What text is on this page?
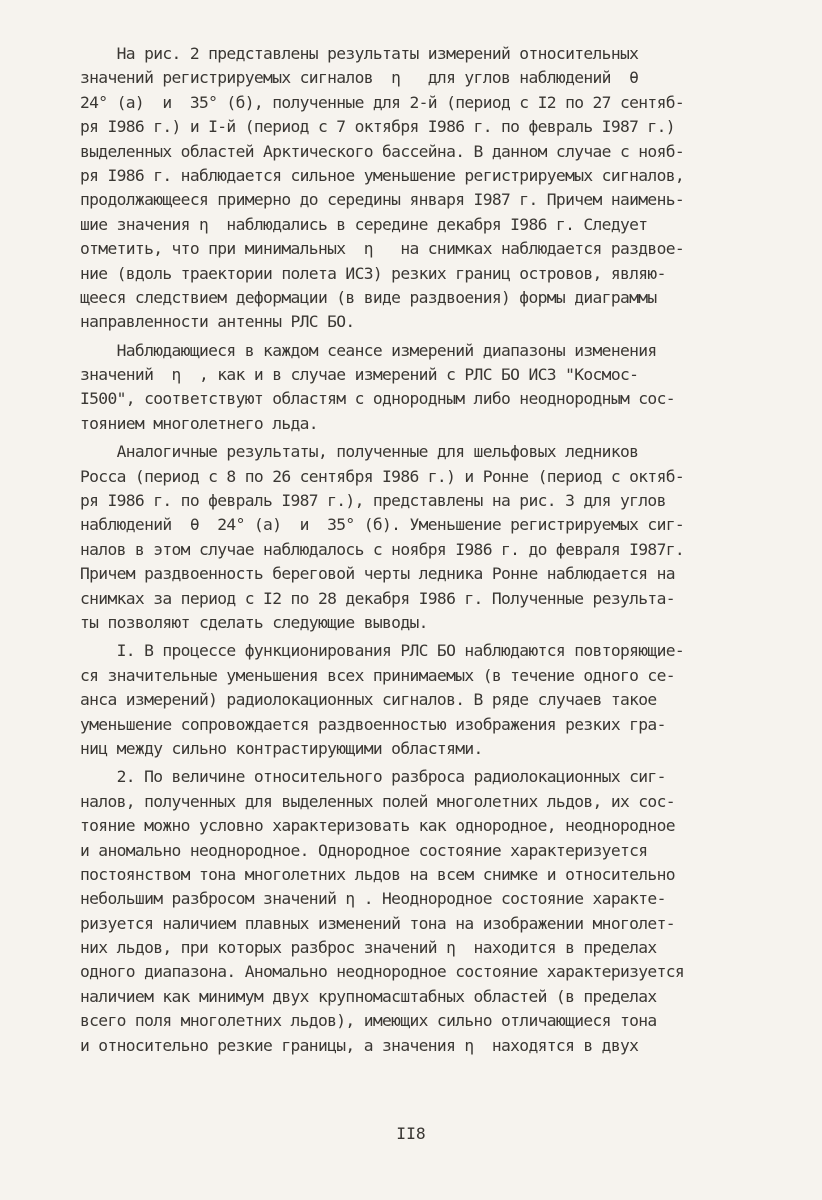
На рис. 2 представлены результаты измерений относительных
значений регистрируемых сигналов  η   для углов наблюдений  θ
24° (а)  и  35° (б), полученные для 2-й (период с I2 по 27 сентяб-
ря I986 г.) и I-й (период с 7 октября I986 г. по февраль I987 г.)
выделенных областей Арктического бассейна. В данном случае с нояб-
ря I986 г. наблюдается сильное уменьшение регистрируемых сигналов,
продолжающееся примерно до середины января I987 г. Причем наимень-
шие значения η  наблюдались в середине декабря I986 г. Следует
отметить, что при минимальных  η   на снимках наблюдается раздвое-
ние (вдоль траектории полета ИСЗ) резких границ островов, являю-
щееся следствием деформации (в виде раздвоения) формы диаграммы
направленности антенны РЛС БО.
Наблюдающиеся в каждом сеансе измерений диапазоны изменения
значений  η  , как и в случае измерений с РЛС БО ИСЗ "Космос-
I500", соответствуют областям с однородным либо неоднородным сос-
тоянием многолетнего льда.
Аналогичные результаты, полученные для шельфовых ледников
Росса (период с 8 по 26 сентября I986 г.) и Ронне (период с октяб-
ря I986 г. по февраль I987 г.), представлены на рис. 3 для углов
наблюдений  θ  24° (а)  и  35° (б). Уменьшение регистрируемых сиг-
налов в этом случае наблюдалось с ноября I986 г. до февраля I987г.
Причем раздвоенность береговой черты ледника Ронне наблюдается на
снимках за период с I2 по 28 декабря I986 г. Полученные результа-
ты позволяют сделать следующие выводы.
I. В процессе функционирования РЛС БО наблюдаются повторяющие-
ся значительные уменьшения всех принимаемых (в течение одного се-
анса измерений) радиолокационных сигналов. В ряде случаев такое
уменьшение сопровождается раздвоенностью изображения резких гра-
ниц между сильно контрастирующими областями.
2. По величине относительного разброса радиолокационных сиг-
налов, полученных для выделенных полей многолетних льдов, их сос-
тояние можно условно характеризовать как однородное, неоднородное
и аномально неоднородное. Однородное состояние характеризуется
постоянством тона многолетних льдов на всем снимке и относительно
небольшим разбросом значений η . Неоднородное состояние характе-
ризуется наличием плавных изменений тона на изображении многолет-
них льдов, при которых разброс значений η  находится в пределах
одного диапазона. Аномально неоднородное состояние характеризуется
наличием как минимум двух крупномасштабных областей (в пределах
всего поля многолетних льдов), имеющих сильно отличающиеся тона
и относительно резкие границы, а значения η  находятся в двух
II8
